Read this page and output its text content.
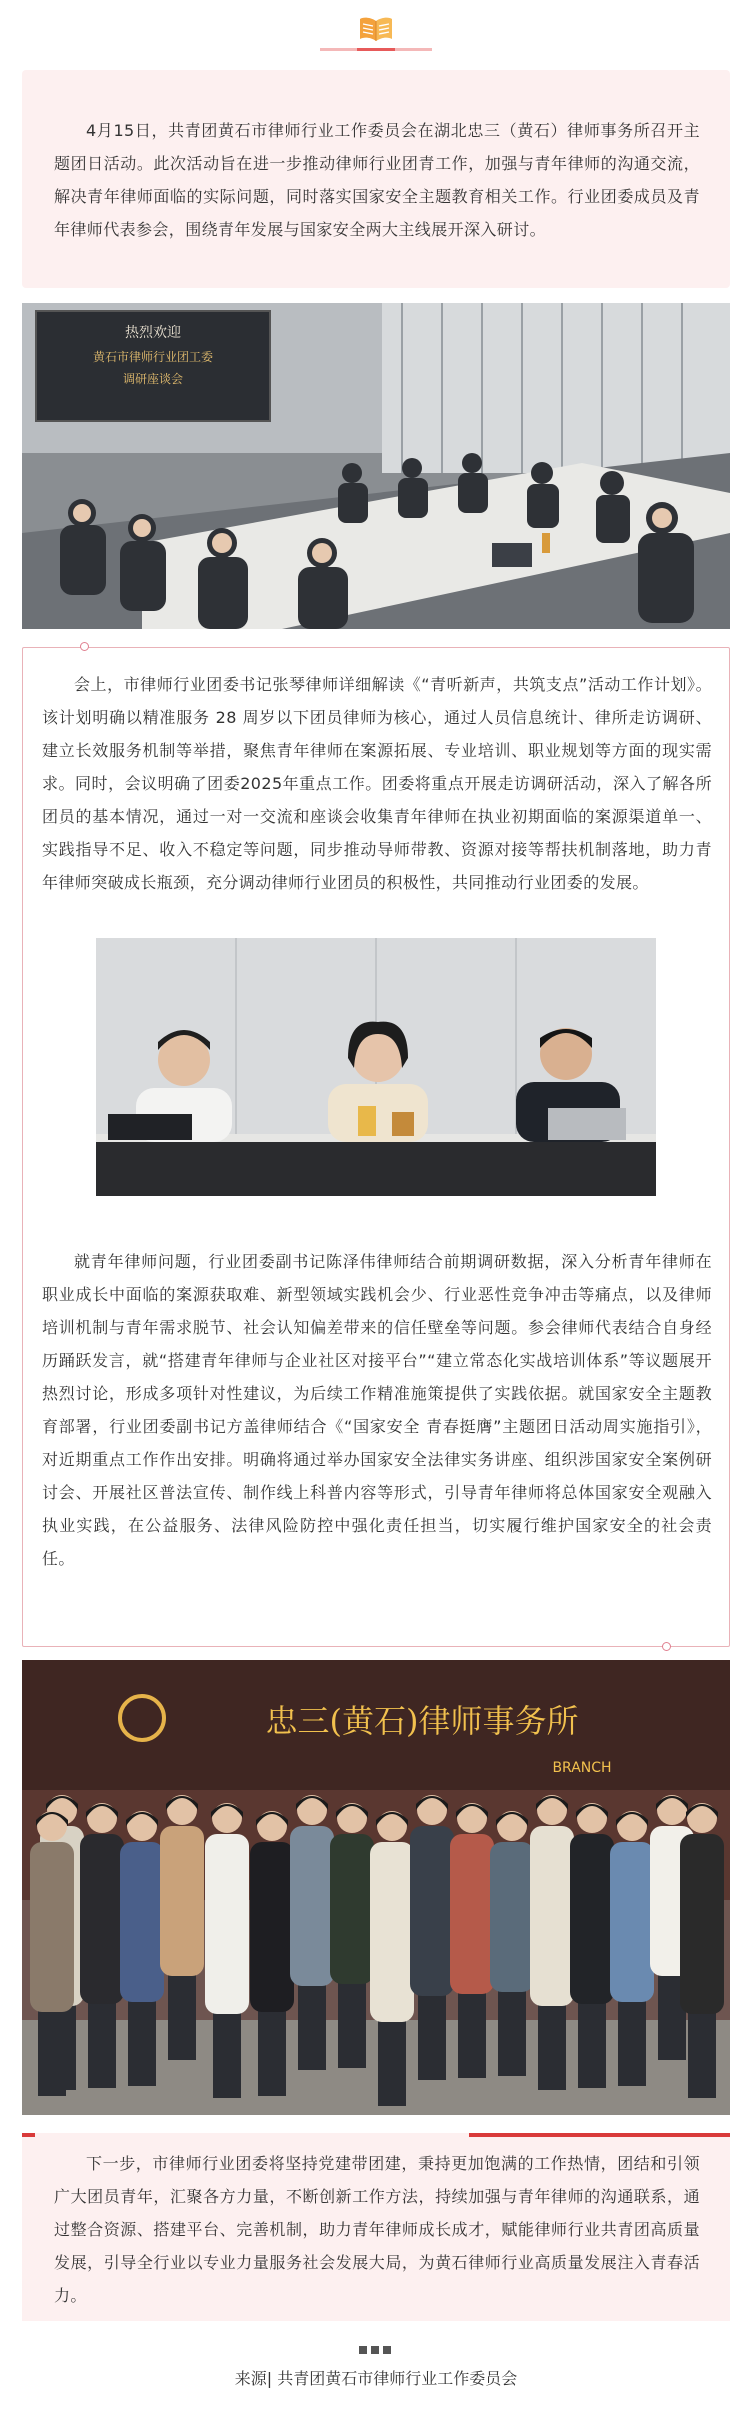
4月15日，共青团黄石市律师行业工作委员会在湖北忠三（黄石）律师事务所召开主题团日活动。此次活动旨在进一步推动律师行业团青工作，加强与青年律师的沟通交流，解决青年律师面临的实际问题，同时落实国家安全主题教育相关工作。行业团委成员及青年律师代表参会，围绕青年发展与国家安全两大主线展开深入研讨。

热烈欢迎
黄石市律师行业团工委
调研座谈会

会上，市律师行业团委书记张琴律师详细解读《“青听新声，共筑支点”活动工作计划》。该计划明确以精准服务 28 周岁以下团员律师为核心，通过人员信息统计、律所走访调研、建立长效服务机制等举措，聚焦青年律师在案源拓展、专业培训、职业规划等方面的现实需求。同时，会议明确了团委2025年重点工作。团委将重点开展走访调研活动，深入了解各所团员的基本情况，通过一对一交流和座谈会收集青年律师在执业初期面临的案源渠道单一、实践指导不足、收入不稳定等问题，同步推动导师带教、资源对接等帮扶机制落地，助力青年律师突破成长瓶颈，充分调动律师行业团员的积极性，共同推动行业团委的发展。

就青年律师问题，行业团委副书记陈泽伟律师结合前期调研数据，深入分析青年律师在职业成长中面临的案源获取难、新型领域实践机会少、行业恶性竞争冲击等痛点，以及律师培训机制与青年需求脱节、社会认知偏差带来的信任壁垒等问题。参会律师代表结合自身经历踊跃发言，就“搭建青年律师与企业社区对接平台”“建立常态化实战培训体系”等议题展开热烈讨论，形成多项针对性建议，为后续工作精准施策提供了实践依据。就国家安全主题教育部署，行业团委副书记方盖律师结合《“国家安全 青春挺膺”主题团日活动周实施指引》，对近期重点工作作出安排。明确将通过举办国家安全法律实务讲座、组织涉国家安全案例研讨会、开展社区普法宣传、制作线上科普内容等形式，引导青年律师将总体国家安全观融入执业实践，在公益服务、法律风险防控中强化责任担当，切实履行维护国家安全的社会责任。

忠三(黄石)律师事务所
BRANCH

下一步，市律师行业团委将坚持党建带团建，秉持更加饱满的工作热情，团结和引领广大团员青年，汇聚各方力量，不断创新工作方法，持续加强与青年律师的沟通联系，通过整合资源、搭建平台、完善机制，助力青年律师成长成才，赋能律师行业共青团高质量发展，引导全行业以专业力量服务社会发展大局，为黄石律师行业高质量发展注入青春活力。

来源| 共青团黄石市律师行业工作委员会
